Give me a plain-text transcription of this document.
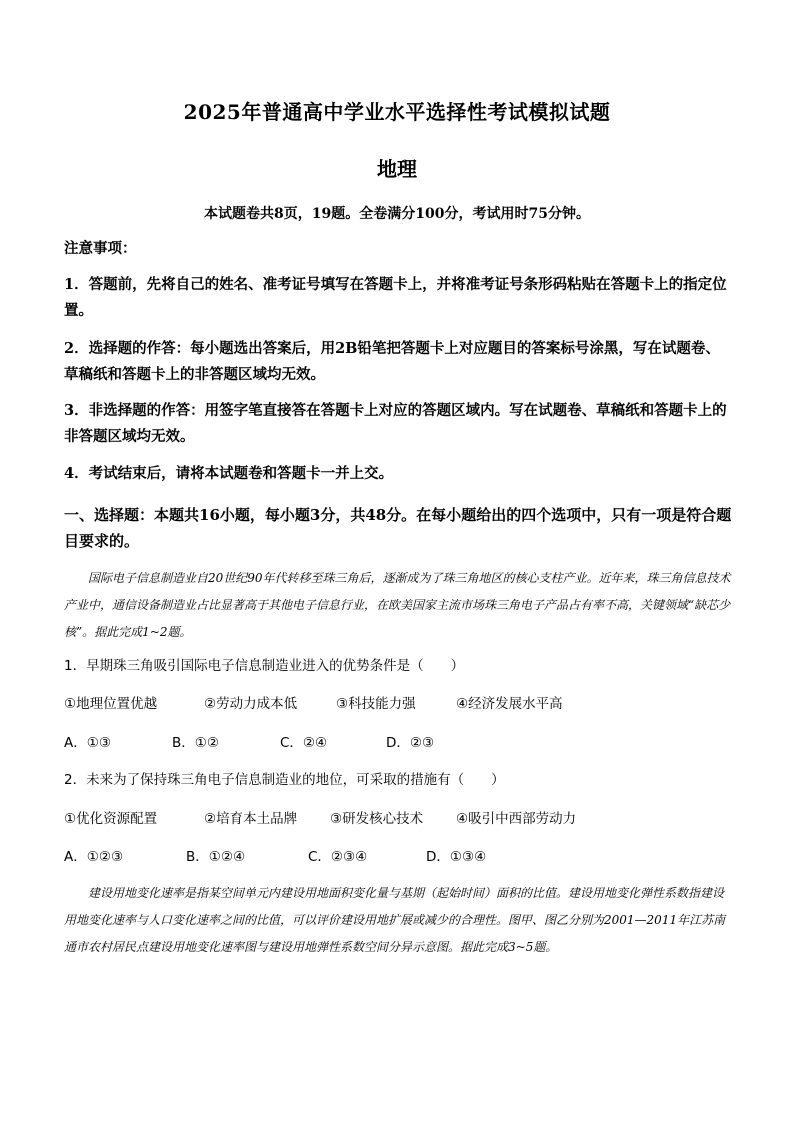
2025年普通高中学业水平选择性考试模拟试题
地理
本试题卷共8页，19题。全卷满分100分，考试用时75分钟。
注意事项：
1．答题前，先将自己的姓名、准考证号填写在答题卡上，并将准考证号条形码粘贴在答题卡上的指定位置。
2．选择题的作答：每小题选出答案后，用2B铅笔把答题卡上对应题目的答案标号涂黑，写在试题卷、草稿纸和答题卡上的非答题区域均无效。
3．非选择题的作答：用签字笔直接答在答题卡上对应的答题区域内。写在试题卷、草稿纸和答题卡上的非答题区域均无效。
4．考试结束后，请将本试题卷和答题卡一并上交。
一、选择题：本题共16小题，每小题3分，共48分。在每小题给出的四个选项中，只有一项是符合题目要求的。
国际电子信息制造业自20世纪90年代转移至珠三角后，逐渐成为了珠三角地区的核心支柱产业。近年来，珠三角信息技术产业中，通信设备制造业占比显著高于其他电子信息行业，在欧美国家主流市场珠三角电子产品占有率不高，关键领域“缺芯少核”。据此完成1~2题。
1．早期珠三角吸引国际电子信息制造业进入的优势条件是（　　）
①地理位置优越	②劳动力成本低	③科技能力强	④经济发展水平高
A．①③	B．①②	C．②④	D．②③
2．未来为了保持珠三角电子信息制造业的地位，可采取的措施有（　　）
①优化资源配置	②培育本土品牌 ③研发核心技术 ④吸引中西部劳动力
A．①②③	B．①②④	C．②③④	D．①③④
建设用地变化速率是指某空间单元内建设用地面积变化量与基期（起始时间）面积的比值。建设用地变化弹性系数指建设用地变化速率与人口变化速率之间的比值，可以评价建设用地扩展或减少的合理性。图甲、图乙分别为2001—2011年江苏南通市农村居民点建设用地变化速率图与建设用地弹性系数空间分异示意图。据此完成3~5题。
